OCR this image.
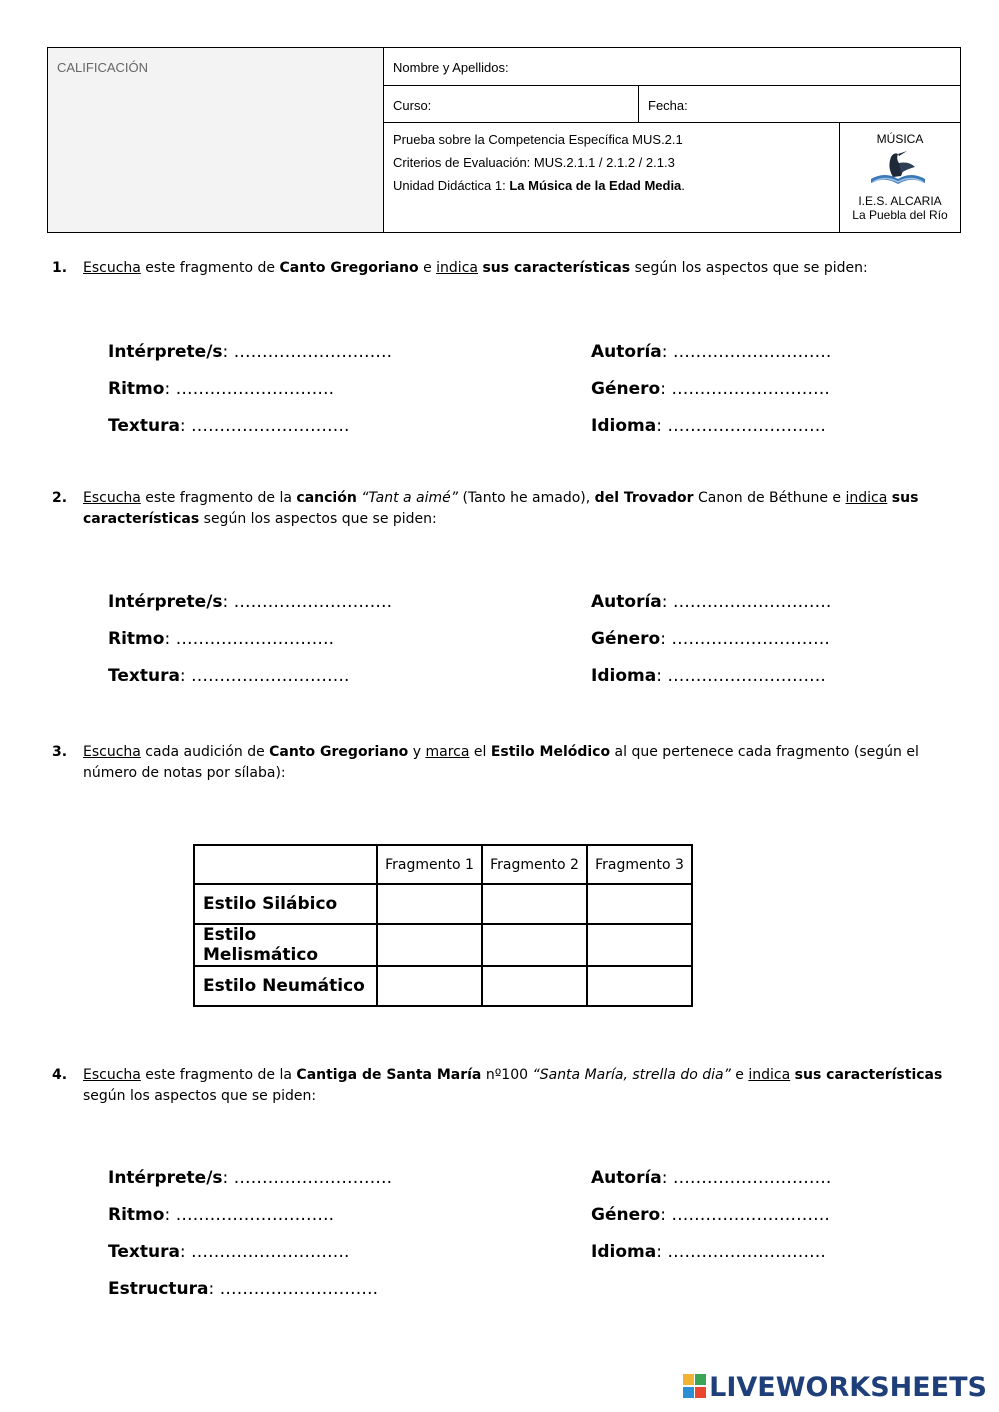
CALIFICACIÓN	Nombre y Apellidos:
Curso:	Fecha:
Prueba sobre la Competencia Específica MUS.2.1
Criterios de Evaluación: MUS.2.1.1 / 2.1.2 / 2.1.3
Unidad Didáctica 1: La Música de la Edad Media.
MÚSICA
I.E.S. ALCARIA
La Puebla del Río
1. Escucha este fragmento de Canto Gregoriano e indica sus características según los aspectos que se piden:
Intérprete/s: ……………………….	Autoría: ……………………….
Ritmo: ……………………….	Género: ……………………….
Textura: ……………………….	Idioma: ……………………….
2. Escucha este fragmento de la canción “Tant a aimé” (Tanto he amado), del Trovador Canon de Béthune e indica sus características según los aspectos que se piden:
Intérprete/s: ……………………….	Autoría: ……………………….
Ritmo: ……………………….	Género: ……………………….
Textura: ……………………….	Idioma: ……………………….
3. Escucha cada audición de Canto Gregoriano y marca el Estilo Melódico al que pertenece cada fragmento (según el número de notas por sílaba):
	Fragmento 1	Fragmento 2	Fragmento 3
Estilo Silábico			
Estilo Melismático			
Estilo Neumático			
4. Escucha este fragmento de la Cantiga de Santa María nº100 “Santa María, strella do dia” e indica sus características según los aspectos que se piden:
Intérprete/s: ……………………….	Autoría: ……………………….
Ritmo: ……………………….	Género: ……………………….
Textura: ……………………….	Idioma: ……………………….
Estructura: ……………………….
LIVEWORKSHEETS
